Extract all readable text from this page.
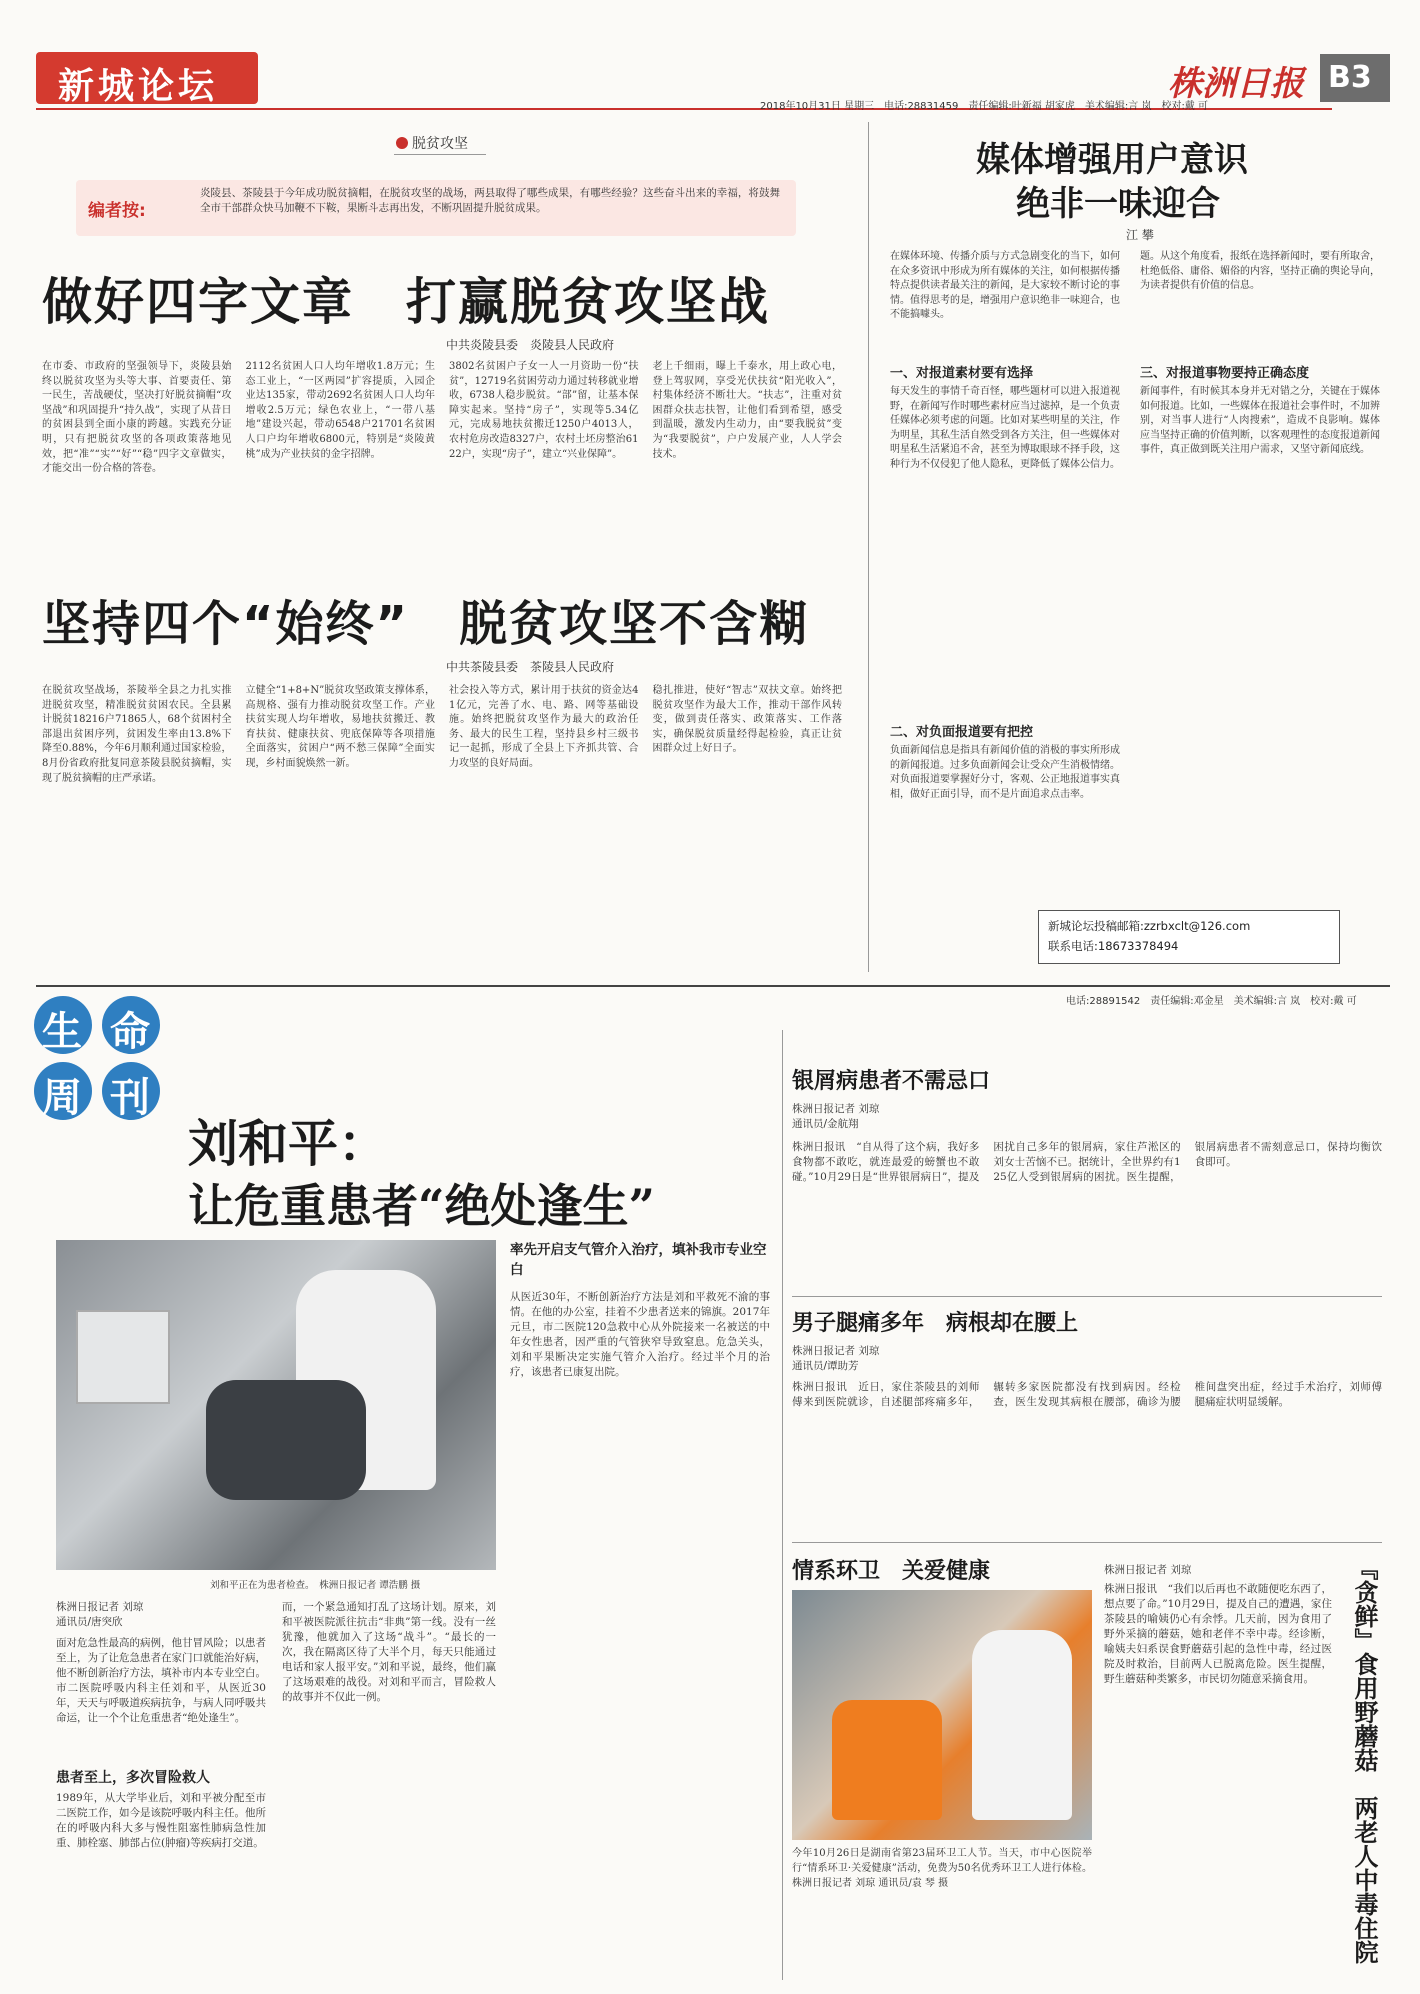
新城论坛	株洲日报 B3
2018年10月31日 星期三　电话:28831459　责任编辑:叶新福 胡家虎　美术编辑:言 岚　校对:戴 可
脱贫攻坚
编者按:
炎陵县、茶陵县于今年成功脱贫摘帽，在脱贫攻坚的战场，两县取得了哪些成果，有哪些经验？这些奋斗出来的幸福，将鼓舞全市干部群众快马加鞭不下鞍，果断斗志再出发，不断巩固提升脱贫成果。
做好四字文章　打赢脱贫攻坚战
中共炎陵县委　炎陵县人民政府
在市委、市政府的坚强领导下，炎陵县始终以脱贫攻坚为头等大事、首要责任、第一民生，苦战硬仗，坚决打好脱贫摘帽“攻坚战”和巩固提升“持久战”，实现了从昔日的贫困县到全面小康的跨越。实践充分证明，只有把脱贫攻坚的各项政策落地见效，把“准”“实”“好”“稳”四字文章做实，才能交出一份合格的答卷。
2112名贫困人口人均年增收1.8万元；生态工业上，“一区两园”扩容提质，入园企业达135家，带动2692名贫困人口人均年增收2.5万元；绿色农业上，“一带八基地”建设兴起，带动6548户21701名贫困人口户均年增收6800元，特别是“炎陵黄桃”成为产业扶贫的金字招牌。
3802名贫困户子女一人一月资助一份“扶贫”，12719名贫困劳动力通过转移就业增收，6738人稳步脱贫。“部”留，让基本保障实起来。坚持“房子”，实现等5.34亿元，完成易地扶贫搬迁1250户4013人，农村危房改造8327户，农村土坯房整治6122户，实现“房子”，建立“兴业保障”。
老上千细雨，曝上千泰水，用上政心电，登上驾驭网，享受光伏扶贫“阳光收入”，村集体经济不断壮大。“扶志”，注重对贫困群众扶志扶智，让他们看到希望，感受到温暖，激发内生动力，由“要我脱贫”变为“我要脱贫”，户户发展产业，人人学会技术。
坚持四个“始终”　脱贫攻坚不含糊
中共茶陵县委　茶陵县人民政府
在脱贫攻坚战场，茶陵举全县之力扎实推进脱贫攻坚，精准脱贫贫困农民。全县累计脱贫18216户71865人，68个贫困村全部退出贫困序列，贫困发生率由13.8%下降至0.88%，今年6月顺利通过国家检验，8月份省政府批复同意茶陵县脱贫摘帽，实现了脱贫摘帽的庄严承诺。
立健全“1+8+N”脱贫攻坚政策支撑体系，高规格、强有力推动脱贫攻坚工作。产业扶贫实现人均年增收，易地扶贫搬迁、教育扶贫、健康扶贫、兜底保障等各项措施全面落实，贫困户“两不愁三保障”全面实现，乡村面貌焕然一新。
社会投入等方式，累计用于扶贫的资金达41亿元，完善了水、电、路、网等基础设施。始终把脱贫攻坚作为最大的政治任务、最大的民生工程，坚持县乡村三级书记一起抓，形成了全县上下齐抓共管、合力攻坚的良好局面。
稳扎推进，使好“智志”双扶文章。始终把脱贫攻坚作为最大工作，推动干部作风转变，做到责任落实、政策落实、工作落实，确保脱贫质量经得起检验，真正让贫困群众过上好日子。
媒体增强用户意识
绝非一味迎合
江 攀
在媒体环境、传播介质与方式急剧变化的当下，如何在众多资讯中形成为所有媒体的关注，如何根据传播特点提供读者最关注的新闻，是大家较不断讨论的事情。值得思考的是，增强用户意识绝非一味迎合，也不能搞噱头。
一、对报道素材要有选择
每天发生的事情千奇百怪，哪些题材可以进入报道视野，在新闻写作时哪些素材应当过滤掉，是一个负责任媒体必须考虑的问题。比如对某些明星的关注，作为明星，其私生活自然受到各方关注，但一些媒体对明星私生活紧追不舍，甚至为博取眼球不择手段，这种行为不仅侵犯了他人隐私，更降低了媒体公信力。
二、对负面报道要有把控
负面新闻信息是指具有新闻价值的消极的事实所形成的新闻报道。过多负面新闻会让受众产生消极情绪。对负面报道要掌握好分寸，客观、公正地报道事实真相，做好正面引导，而不是片面追求点击率。
题。从这个角度看，报纸在选择新闻时，要有所取舍，杜绝低俗、庸俗、媚俗的内容，坚持正确的舆论导向，为读者提供有价值的信息。
三、对报道事物要持正确态度
新闻事件，有时候其本身并无对错之分，关键在于媒体如何报道。比如，一些媒体在报道社会事件时，不加辨别，对当事人进行“人肉搜索”，造成不良影响。媒体应当坚持正确的价值判断，以客观理性的态度报道新闻事件，真正做到既关注用户需求，又坚守新闻底线。
新城论坛投稿邮箱:zzrbxclt@126.com
联系电话:18673378494
生 命
周 刊
电话:28891542　责任编辑:邓金星　美术编辑:言 岚　校对:戴 可
刘和平：
让危重患者“绝处逢生”
刘和平正在为患者检查。　株洲日报记者 谭浩鹏 摄
株洲日报记者 刘琼
通讯员/唐突欣
面对危急性最高的病例，他甘冒风险；以患者至上，为了让危急患者在家门口就能治好病，他不断创新治疗方法，填补市内本专业空白。市二医院呼吸内科主任刘和平，从医近30年，天天与呼吸道疾病抗争，与病人同呼吸共命运，让一个个让危重患者“绝处逢生”。
患者至上，多次冒险救人
1989年，从大学毕业后，刘和平被分配至市二医院工作，如今是该院呼吸内科主任。他所在的呼吸内科大多与慢性阻塞性肺病急性加重、肺栓塞、肺部占位(肿瘤)等疾病打交道。
而，一个紧急通知打乱了这场计划。原来，刘和平被医院派往抗击“非典”第一线。没有一丝犹豫，他就加入了这场“战斗”。“最长的一次，我在隔离区待了大半个月，每天只能通过电话和家人报平安。”刘和平说，最终，他们赢了这场艰难的战役。对刘和平而言，冒险救人的故事并不仅此一例。
率先开启支气管介入治疗，填补我市专业空白
从医近30年，不断创新治疗方法是刘和平救死不渝的事情。在他的办公室，挂着不少患者送来的锦旗。2017年元旦，市二医院120急救中心从外院接来一名被送的中年女性患者，因严重的气管狭窄导致窒息。危急关头，刘和平果断决定实施气管介入治疗。经过半个月的治疗，该患者已康复出院。
银屑病患者不需忌口
株洲日报记者 刘琼
通讯员/金航翔
株洲日报讯　“自从得了这个病，我好多食物都不敢吃，就连最爱的螃蟹也不敢碰。”10月29日是“世界银屑病日”，提及困扰自己多年的银屑病，家住芦淞区的刘女士苦恼不已。据统计，全世界约有125亿人受到银屑病的困扰。医生提醒，银屑病患者不需刻意忌口，保持均衡饮食即可。
男子腿痛多年　病根却在腰上
株洲日报记者 刘琼
通讯员/谭助芳
株洲日报讯　近日，家住茶陵县的刘师傅来到医院就诊，自述腿部疼痛多年，辗转多家医院都没有找到病因。经检查，医生发现其病根在腰部，确诊为腰椎间盘突出症，经过手术治疗，刘师傅腿痛症状明显缓解。
情系环卫　关爱健康
今年10月26日是湖南省第23届环卫工人节。当天，市中心医院举行“情系环卫·关爱健康”活动，免费为50名优秀环卫工人进行体检。株洲日报记者 刘琼 通讯员/袁 琴 摄
株洲日报记者 刘琼
株洲日报讯　“我们以后再也不敢随便吃东西了，想点要了命。”10月29日，提及自己的遭遇，家住茶陵县的喻姨仍心有余悸。几天前，因为食用了野外采摘的蘑菇，她和老伴不幸中毒。经诊断，喻姨夫妇系误食野蘑菇引起的急性中毒，经过医院及时救治，目前两人已脱离危险。医生提醒，野生蘑菇种类繁多，市民切勿随意采摘食用。	『贪鲜』食用野蘑菇　两老人中毒住院
